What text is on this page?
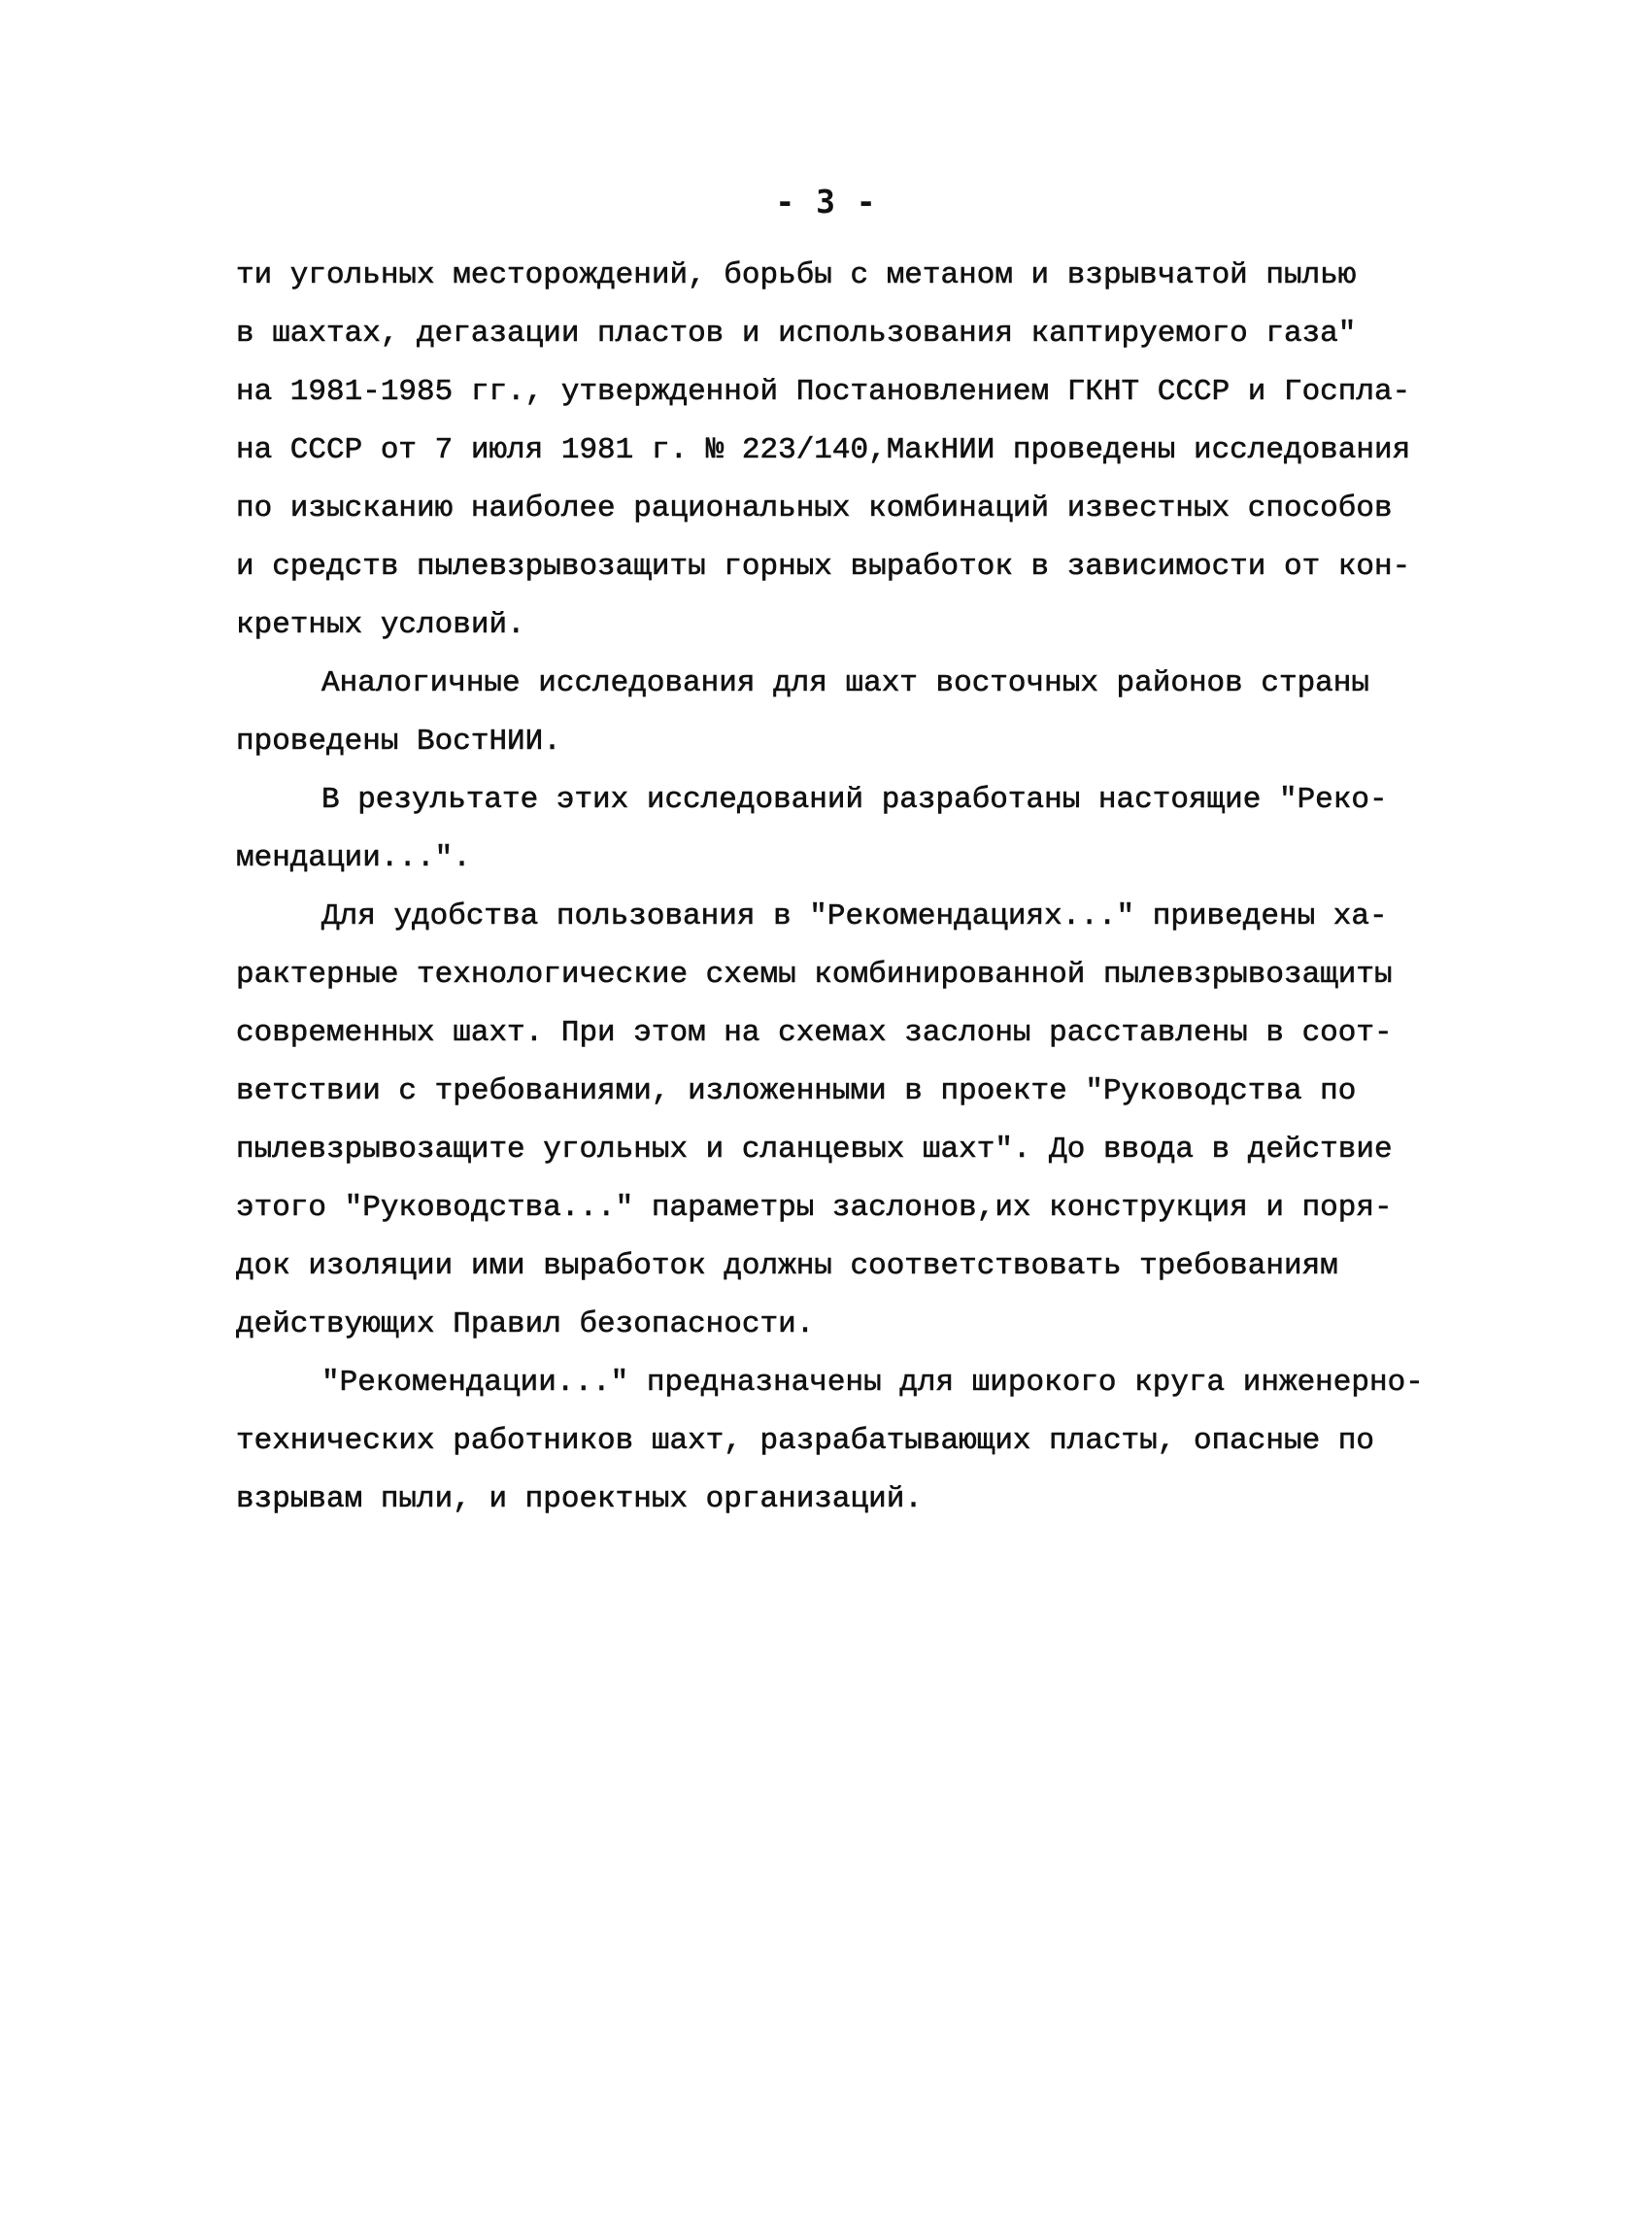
- 3 -
ти угольных месторождений, борьбы с метаном и взрывчатой пылью
в шахтах, дегазации пластов и использования каптируемого газа"
на 1981-1985 гг., утвержденной Постановлением ГКНТ СССР и Госпла-
на СССР от 7 июля 1981 г. № 223/140,МакНИИ проведены исследования
по изысканию наиболее рациональных комбинаций известных способов
и средств пылевзрывозащиты горных выработок в зависимости от кон-
кретных условий.
Аналогичные исследования для шахт восточных районов страны
проведены ВостНИИ.
В результате этих исследований разработаны настоящие "Реко-
мендации...".
Для удобства пользования в "Рекомендациях..." приведены ха-
рактерные технологические схемы комбинированной пылевзрывозащиты
современных шахт. При этом на схемах заслоны расставлены в соот-
ветствии с требованиями, изложенными в проекте "Руководства по
пылевзрывозащите угольных и сланцевых шахт". До ввода в действие
этого "Руководства..." параметры заслонов,их конструкция и поря-
док изоляции ими выработок должны соответствовать требованиям
действующих Правил безопасности.
"Рекомендации..." предназначены для широкого круга инженерно-
технических работников шахт, разрабатывающих пласты, опасные по
взрывам пыли, и проектных организаций.
